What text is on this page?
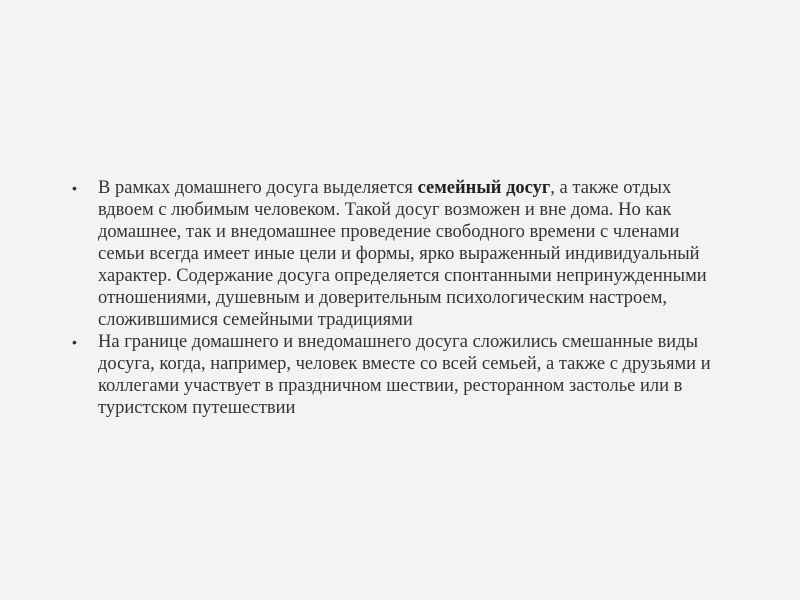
•	В рамках домашнего досуга выделяется семейный досуг, а также отдых вдвоем с любимым человеком. Такой досуг возможен и вне дома. Но как домашнее, так и внедомашнее проведение свободного времени с членами семьи всегда имеет иные цели и формы, ярко выраженный индивидуальный характер. Содержание досуга определяется спонтанными непринужденными отношениями, душевным и доверительным психологическим настроем, сложившимися семейными традициями
•	На границе домашнего и внедомашнего досуга сложились смешанные виды досуга, когда, например, человек вместе со всей семьей, а также с друзьями и коллегами участвует в праздничном шествии, ресторанном застолье или в туристском путешествии
